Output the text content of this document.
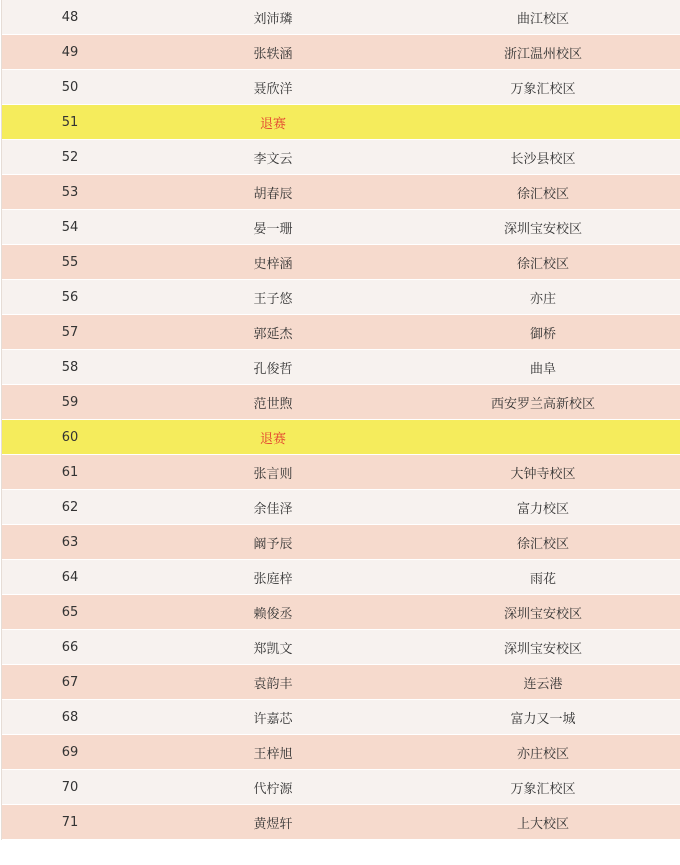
48	刘沛璘	曲江校区
49	张轶涵	浙江温州校区
50	聂欣洋	万象汇校区
51	退赛
52	李文云	长沙县校区
53	胡春辰	徐汇校区
54	晏一珊	深圳宝安校区
55	史梓涵	徐汇校区
56	王子悠	亦庄
57	郭延杰	御桥
58	孔俊哲	曲阜
59	范世煦	西安罗兰高新校区
60	退赛
61	张言则	大钟寺校区
62	余佳泽	富力校区
63	阚予辰	徐汇校区
64	张庭梓	雨花
65	赖俊丞	深圳宝安校区
66	郑凯文	深圳宝安校区
67	袁韵丰	连云港
68	许嘉芯	富力又一城
69	王梓旭	亦庄校区
70	代柠源	万象汇校区
71	黄煜轩	上大校区
